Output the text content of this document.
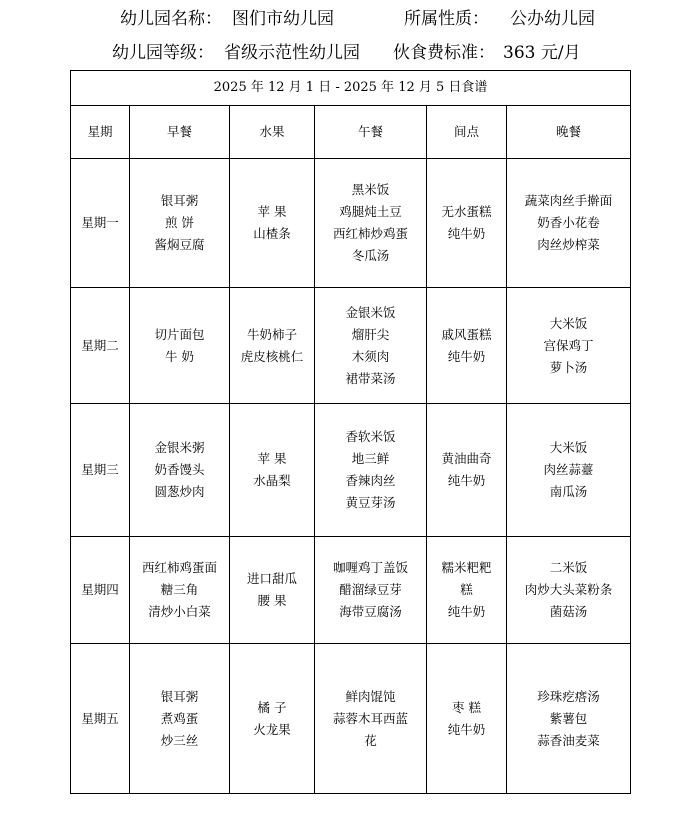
幼儿园名称： 图们市幼儿园	所属性质： 公办幼儿园
幼儿园等级： 省级示范性幼儿园 伙食费标准： 363 元/月
2025 年 12 月 1 日 - 2025 年 12 月 5 日食谱					
星期	早餐	水果	午餐	间点	晚餐
星期一	银耳粥
煎 饼
酱焖豆腐	苹 果
山楂条	黑米饭
鸡腿炖土豆
西红柿炒鸡蛋
冬瓜汤	无水蛋糕
纯牛奶	蔬菜肉丝手擀面
奶香小花卷
肉丝炒榨菜

星期二	切片面包
牛 奶	牛奶柿子
虎皮核桃仁	金银米饭
熘肝尖
木须肉
裙带菜汤	戚风蛋糕
纯牛奶	大米饭
宫保鸡丁
萝卜汤

星期三	金银米粥
奶香馒头
圆葱炒肉	苹 果
水晶梨	香软米饭
地三鲜
香辣肉丝
黄豆芽汤	黄油曲奇
纯牛奶	大米饭
肉丝蒜薹
南瓜汤

星期四	西红柿鸡蛋面
糖三角
清炒小白菜	进口甜瓜
腰 果	咖喱鸡丁盖饭
醋溜绿豆芽
海带豆腐汤	糯米粑粑
糕
纯牛奶	二米饭
肉炒大头菜粉条
菌菇汤

星期五	银耳粥
煮鸡蛋
炒三丝	橘 子
火龙果	鲜肉馄饨
蒜蓉木耳西蓝
花	枣 糕
纯牛奶	珍珠疙瘩汤
紫薯包
蒜香油麦菜
